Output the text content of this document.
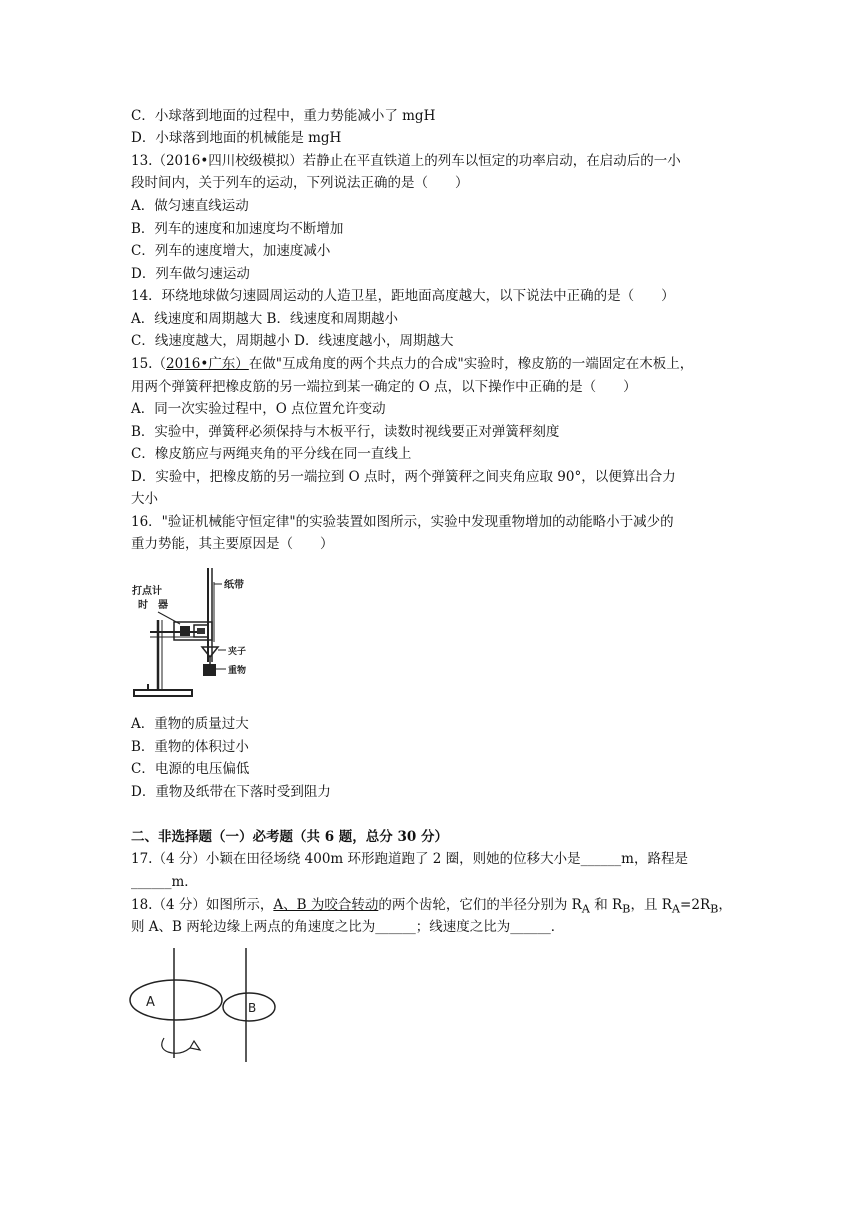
C．小球落到地面的过程中，重力势能减小了 mgH
D．小球落到地面的机械能是 mgH
13.（2016•四川校级模拟）若静止在平直铁道上的列车以恒定的功率启动，在启动后的一小
段时间内，关于列车的运动，下列说法正确的是（　　）
A．做匀速直线运动
B．列车的速度和加速度均不断增加
C．列车的速度增大，加速度减小
D．列车做匀速运动
14．环绕地球做匀速圆周运动的人造卫星，距地面高度越大，以下说法中正确的是（　　）
A．线速度和周期越大 B．线速度和周期越小
C．线速度越大，周期越小 D．线速度越小，周期越大
15.（2016•广东）在做"互成角度的两个共点力的合成"实验时，橡皮筋的一端固定在木板上，
用两个弹簧秤把橡皮筋的另一端拉到某一确定的 O 点，以下操作中正确的是（　　）
A．同一次实验过程中，O 点位置允许变动
B．实验中，弹簧秤必须保持与木板平行，读数时视线要正对弹簧秤刻度
C．橡皮筋应与两绳夹角的平分线在同一直线上
D．实验中，把橡皮筋的另一端拉到 O 点时，两个弹簧秤之间夹角应取 90°，以便算出合力
大小
16．"验证机械能守恒定律"的实验装置如图所示，实验中发现重物增加的动能略小于减少的
重力势能，其主要原因是（　　）
打点计
时　器
纸带
夹子
重物
A．重物的质量过大
B．重物的体积过小
C．电源的电压偏低
D．重物及纸带在下落时受到阻力
二、非选择题（一）必考题（共 6 题，总分 30 分）
17.（4 分）小颖在田径场绕 400m 环形跑道跑了 2 圈，则她的位移大小是______m，路程是
______m．
18.（4 分）如图所示，A、B 为咬合转动的两个齿轮，它们的半径分别为 $R_A$ 和 $R_B$，且 $R_A=2R_B$，
则 A、B 两轮边缘上两点的角速度之比为______；线速度之比为______．
A	B
